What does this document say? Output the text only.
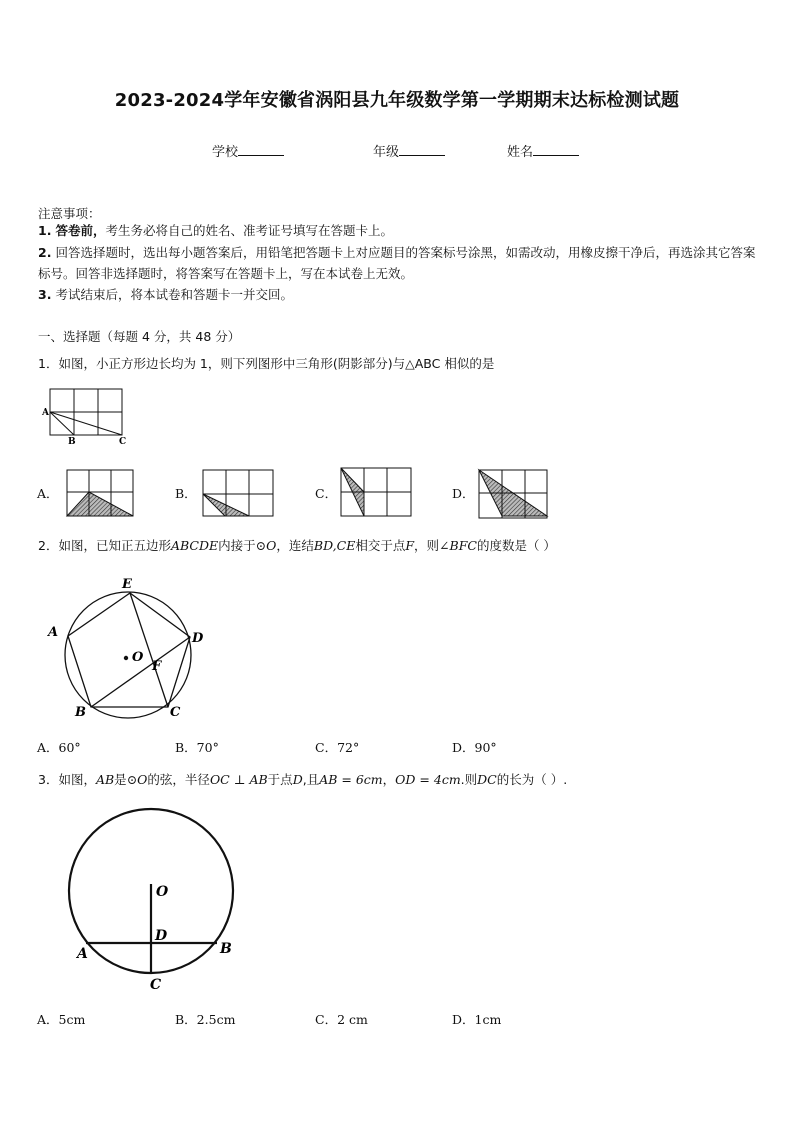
2023-2024学年安徽省涡阳县九年级数学第一学期期末达标检测试题
学校	年级	姓名
注意事项：
1. 答卷前，考生务必将自己的姓名、准考证号填写在答题卡上。
2. 回答选择题时，选出每小题答案后，用铅笔把答题卡上对应题目的答案标号涂黑，如需改动，用橡皮擦干净后，再选涂其它答案标号。回答非选择题时，将答案写在答题卡上，写在本试卷上无效。
3. 考试结束后，将本试卷和答题卡一并交回。
一、选择题（每题 4 分，共 48 分）
1．如图，小正方形边长均为 1，则下列图形中三角形(阴影部分)与△ABC 相似的是
A
B	C
A．	B．	C．	D．
2．如图，已知正五边形ABCDE内接于⊙O，连结BD,CE相交于点F，则∠BFC的度数是（ ）
E
D
A
B	C
O
F
A．60°	B．70°	C．72°	D．90°
3．如图，AB是⊙O的弦，半径OC ⊥ AB于点D,且AB = 6cm，OD = 4cm.则DC的长为（ ）.
O
D
A	B
C
A．5cm	B．2.5cm	C．2 cm	D．1cm
